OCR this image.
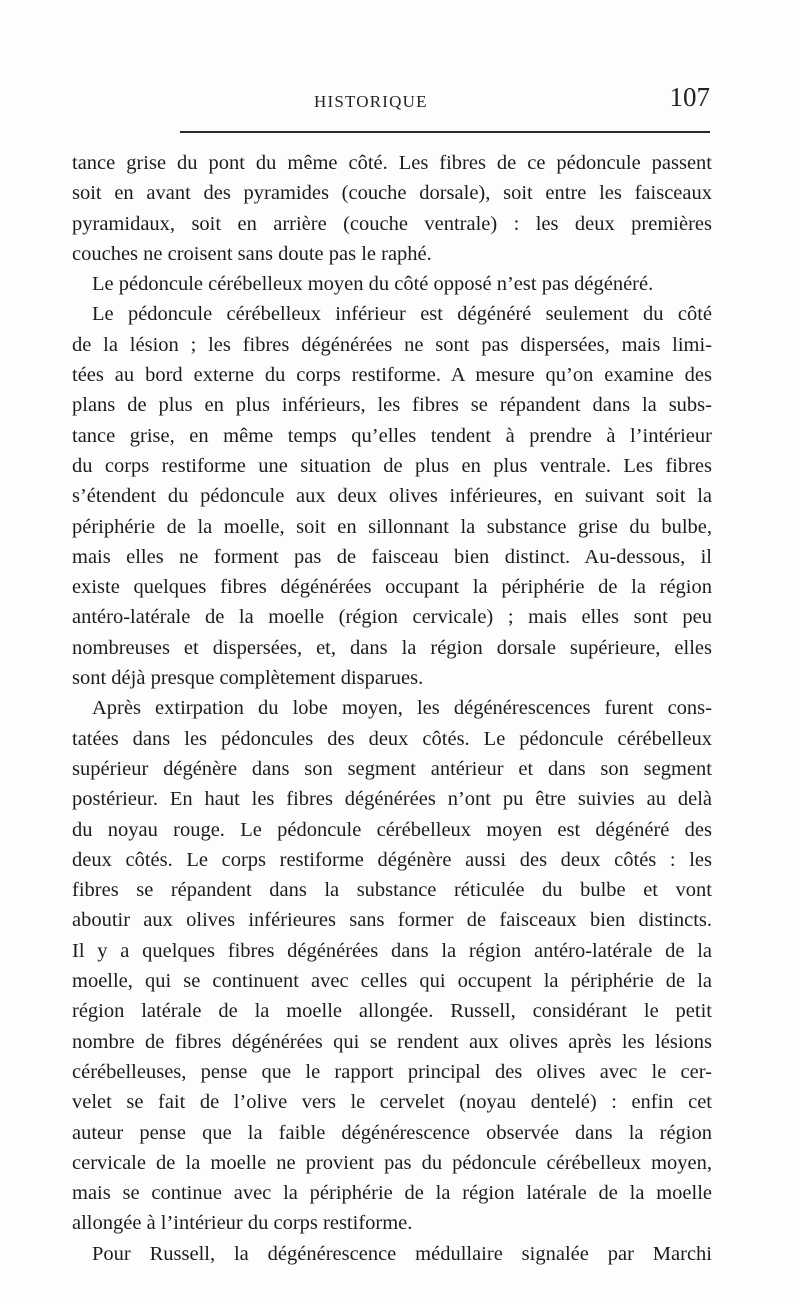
HISTORIQUE	107
tance grise du pont du même côté. Les fibres de ce pédoncule passent
soit en avant des pyramides (couche dorsale), soit entre les faisceaux
pyramidaux, soit en arrière (couche ventrale) : les deux premières
couches ne croisent sans doute pas le raphé.
Le pédoncule cérébelleux moyen du côté opposé n’est pas dégénéré.
Le pédoncule cérébelleux inférieur est dégénéré seulement du côté
de la lésion ; les fibres dégénérées ne sont pas dispersées, mais limi-
tées au bord externe du corps restiforme. A mesure qu’on examine des
plans de plus en plus inférieurs, les fibres se répandent dans la subs-
tance grise, en même temps qu’elles tendent à prendre à l’intérieur
du corps restiforme une situation de plus en plus ventrale. Les fibres
s’étendent du pédoncule aux deux olives inférieures, en suivant soit la
périphérie de la moelle, soit en sillonnant la substance grise du bulbe,
mais elles ne forment pas de faisceau bien distinct. Au-dessous, il
existe quelques fibres dégénérées occupant la périphérie de la région
antéro-latérale de la moelle (région cervicale) ; mais elles sont peu
nombreuses et dispersées, et, dans la région dorsale supérieure, elles
sont déjà presque complètement disparues.
Après extirpation du lobe moyen, les dégénérescences furent cons-
tatées dans les pédoncules des deux côtés. Le pédoncule cérébelleux
supérieur dégénère dans son segment antérieur et dans son segment
postérieur. En haut les fibres dégénérées n’ont pu être suivies au delà
du noyau rouge. Le pédoncule cérébelleux moyen est dégénéré des
deux côtés. Le corps restiforme dégénère aussi des deux côtés : les
fibres se répandent dans la substance réticulée du bulbe et vont
aboutir aux olives inférieures sans former de faisceaux bien distincts.
Il y a quelques fibres dégénérées dans la région antéro-latérale de la
moelle, qui se continuent avec celles qui occupent la périphérie de la
région latérale de la moelle allongée. Russell, considérant le petit
nombre de fibres dégénérées qui se rendent aux olives après les lésions
cérébelleuses, pense que le rapport principal des olives avec le cer-
velet se fait de l’olive vers le cervelet (noyau dentelé) : enfin cet
auteur pense que la faible dégénérescence observée dans la région
cervicale de la moelle ne provient pas du pédoncule cérébelleux moyen,
mais se continue avec la périphérie de la région latérale de la moelle
allongée à l’intérieur du corps restiforme.
Pour Russell, la dégénérescence médullaire signalée par Marchi
